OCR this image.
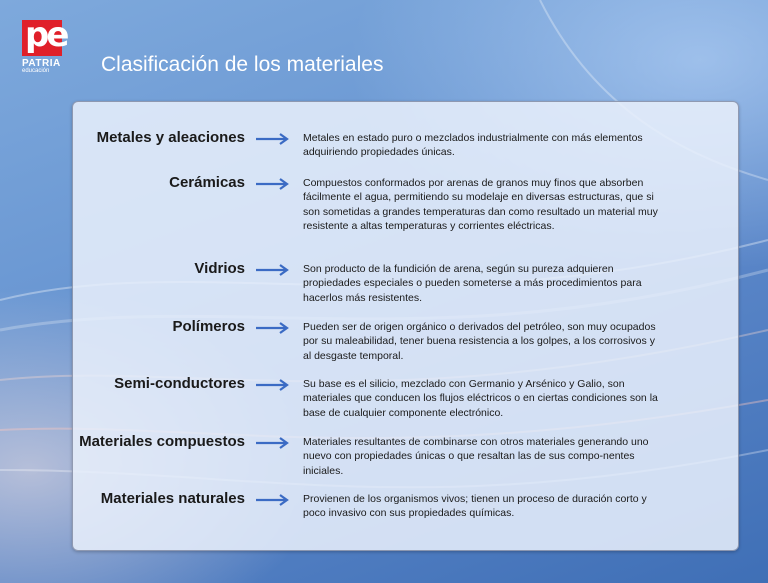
pe
PATRIA
educación	Clasificación de los materiales
Metales y aleaciones	Metales en estado puro o mezclados industrialmente con más elementos adquiriendo propiedades únicas.
Cerámicas	Compuestos conformados por arenas de granos muy finos que absorben fácilmente el agua, permitiendo su modelaje en diversas estructuras, que si son sometidas a grandes temperaturas dan como resultado un material muy resistente a altas temperaturas y corrientes eléctricas.
Vidrios	Son producto de la fundición de arena, según su pureza adquieren propiedades especiales o pueden someterse a más procedimientos para hacerlos más resistentes.
Polímeros	Pueden ser de origen orgánico o derivados del petróleo, son muy ocupados por su maleabilidad, tener buena resistencia a los golpes, a los corrosivos y al desgaste temporal.
Semi-conductores	Su base es el silicio, mezclado con Germanio y Arsénico y Galio, son materiales que conducen los flujos eléctricos o en ciertas condiciones son la base de cualquier componente electrónico.
Materiales compuestos	Materiales resultantes de combinarse con otros materiales generando uno nuevo con propiedades únicas o que resaltan las de sus compo-nentes iniciales.
Materiales naturales	Provienen de los organismos vivos; tienen un proceso de duración corto y poco invasivo con sus propiedades químicas.
